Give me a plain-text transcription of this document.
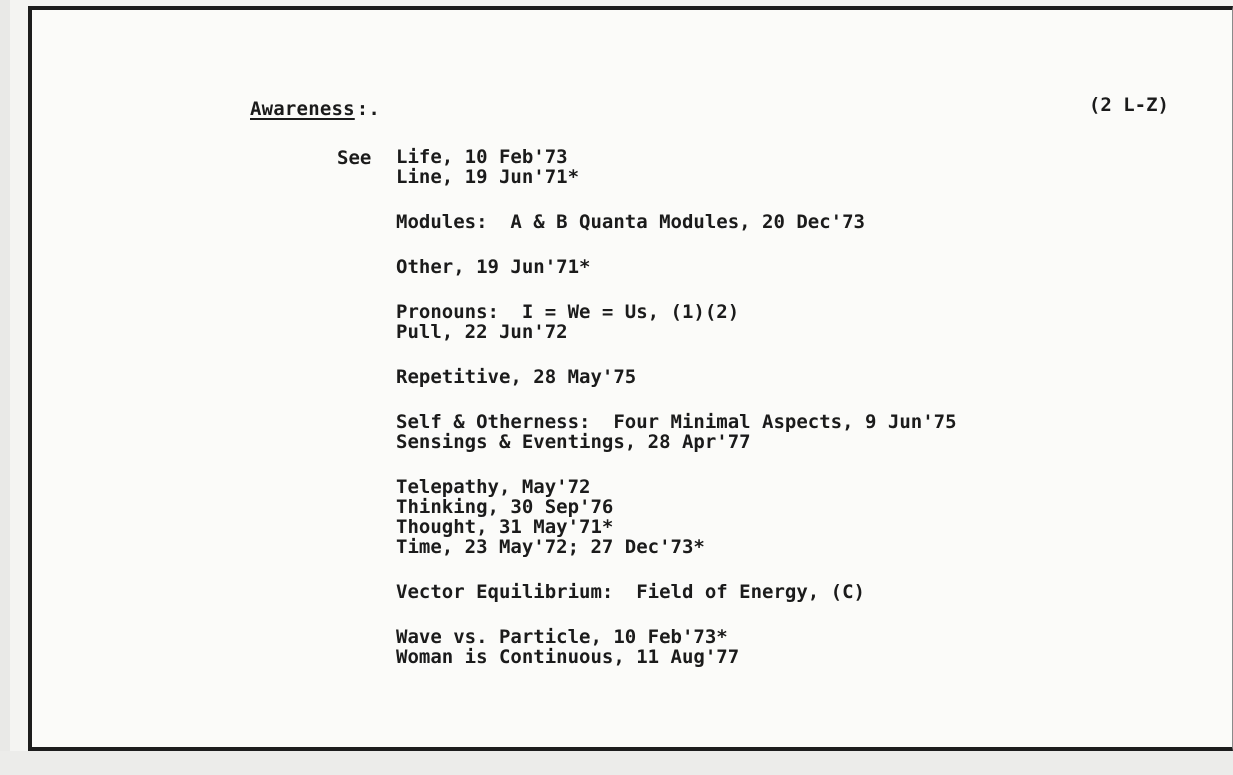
Awareness :.	(2 L-Z)
See Life, 10 Feb'73
Line, 19 Jun'71*
Modules:  A & B Quanta Modules, 20 Dec'73
Other, 19 Jun'71*
Pronouns:  I = We = Us, (1)(2)
Pull, 22 Jun'72
Repetitive, 28 May'75
Self & Otherness:  Four Minimal Aspects, 9 Jun'75
Sensings & Eventings, 28 Apr'77
Telepathy, May'72
Thinking, 30 Sep'76
Thought, 31 May'71*
Time, 23 May'72; 27 Dec'73*
Vector Equilibrium:  Field of Energy, (C)
Wave vs. Particle, 10 Feb'73*
Woman is Continuous, 11 Aug'77
